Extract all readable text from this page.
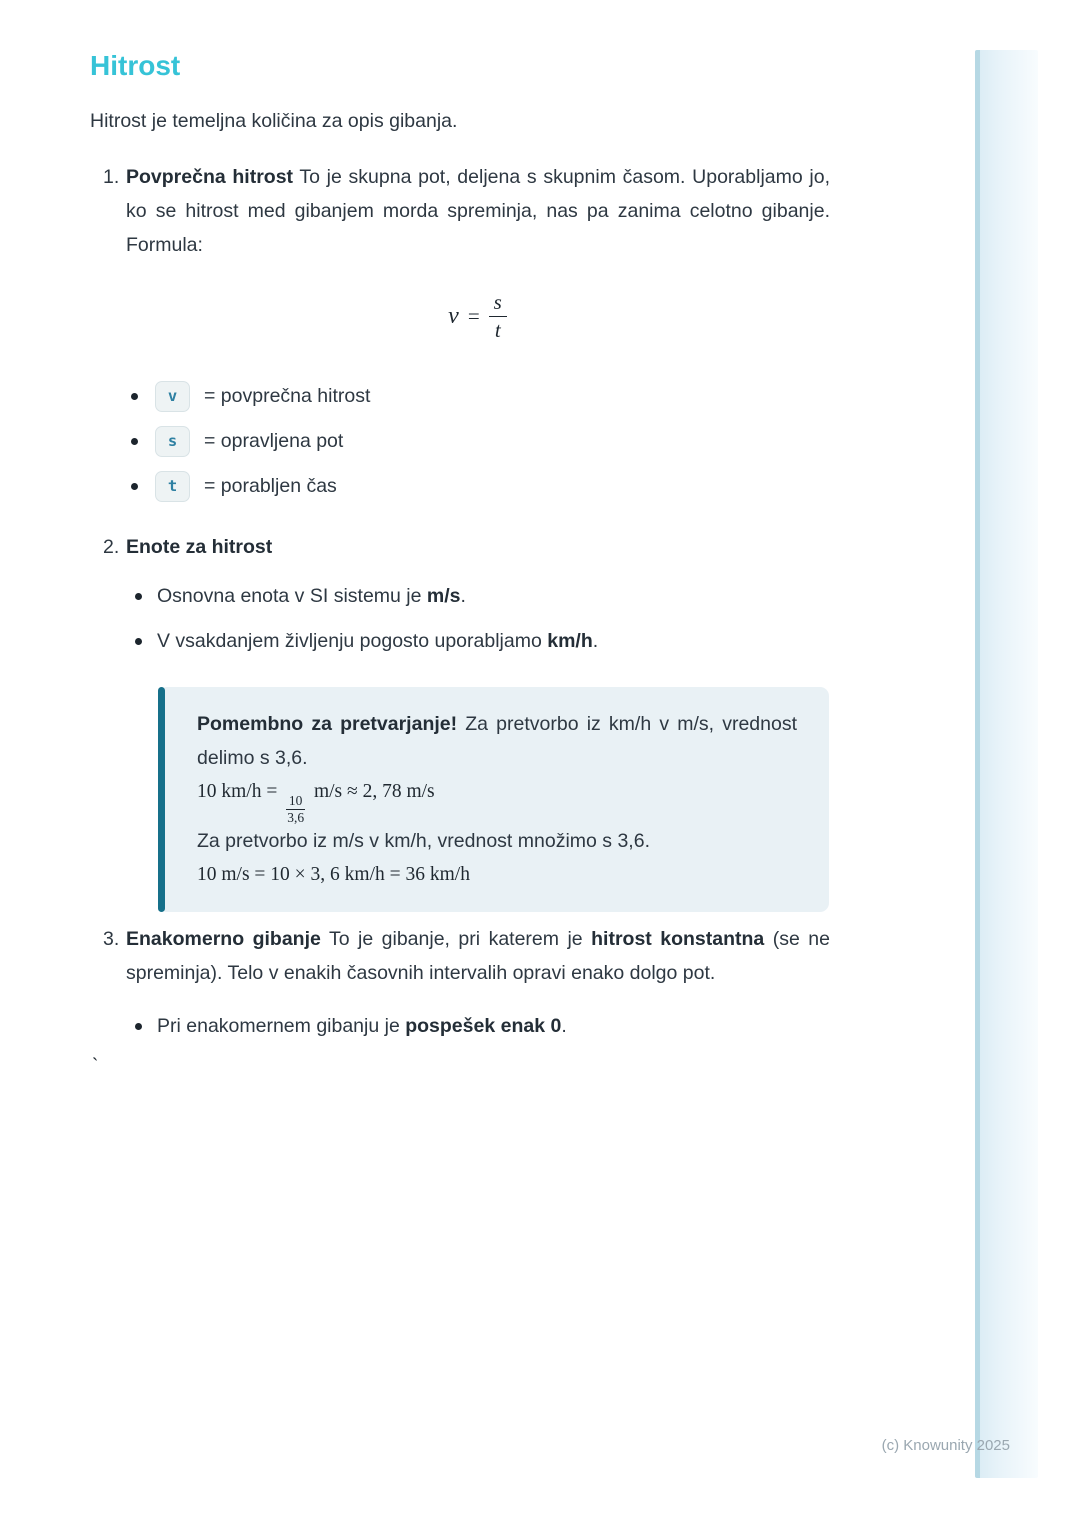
Hitrost

Hitrost je temeljna količina za opis gibanja.

1. Povprečna hitrost To je skupna pot, deljena s skupnim časom. Uporabljamo jo, ko se hitrost med gibanjem morda spreminja, nas pa zanima celotno gibanje. Formula:
$v = \frac{s}{t}$
v	= povprečna hitrost
s	= opravljena pot
t	= porabljen čas
2. Enote za hitrost
Osnovna enota v SI sistemu je m/s.
V vsakdanjem življenju pogosto uporabljamo km/h.

Pomembno za pretvarjanje! Za pretvorbo iz km/h v m/s, vrednost delimo s 3,6.

10 km/h =
$\frac{10}{3,6}$
m/s ≈ 2, 78 m/s

Za pretvorbo iz m/s v km/h, vrednost množimo s 3,6.

10 m/s = 10 × 3, 6 km/h = 36 km/h

3. Enakomerno gibanje To je gibanje, pri katerem je hitrost konstantna (se ne spreminja). Telo v enakih časovnih intervalih opravi enako dolgo pot.
Pri enakomernem gibanju je pospešek enak 0.
`
(c) Knowunity 2025
